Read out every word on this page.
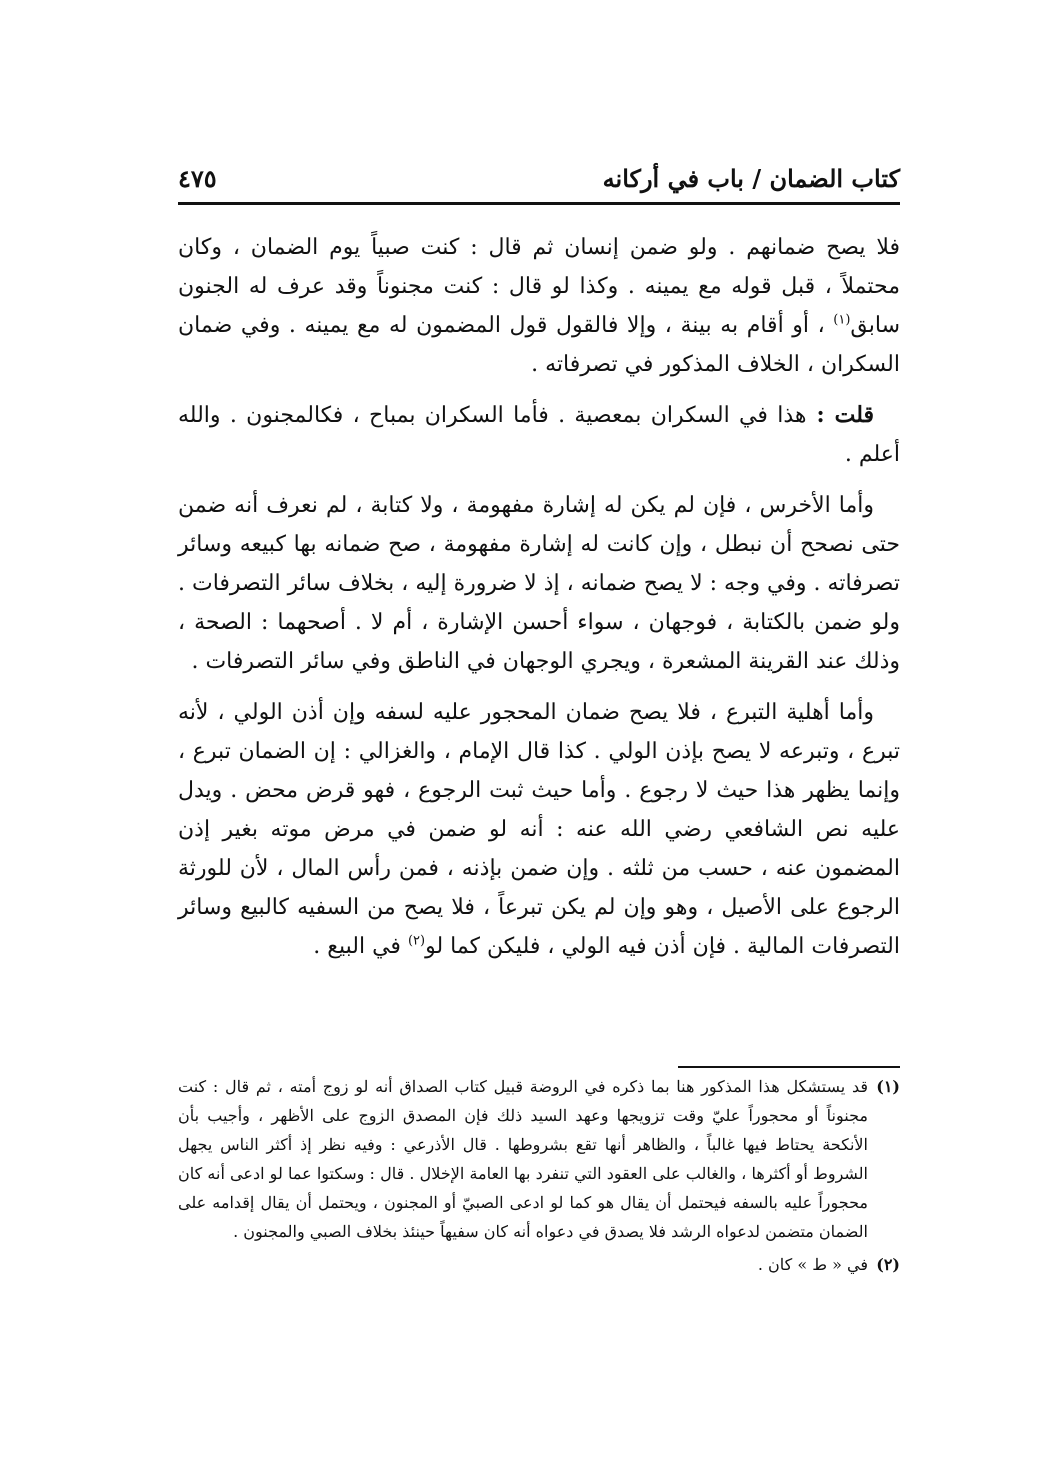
كتاب الضمان / باب في أركانه
٤٧٥

فلا يصح ضمانهم . ولو ضمن إنسان ثم قال : كنت صبياً يوم الضمان ، وكان محتملاً ، قبل قوله مع يمينه . وكذا لو قال : كنت مجنوناً وقد عرف له الجنون سابق$^{(١)}$ ، أو أقام به بينة ، وإلا فالقول قول المضمون له مع يمينه . وفي ضمان السكران ، الخلاف المذكور في تصرفاته .

قلت : هذا في السكران بمعصية . فأما السكران بمباح ، فكالمجنون . والله أعلم .

وأما الأخرس ، فإن لم يكن له إشارة مفهومة ، ولا كتابة ، لم نعرف أنه ضمن حتى نصحح أن نبطل ، وإن كانت له إشارة مفهومة ، صح ضمانه بها كبيعه وسائر تصرفاته . وفي وجه : لا يصح ضمانه ، إذ لا ضرورة إليه ، بخلاف سائر التصرفات . ولو ضمن بالكتابة ، فوجهان ، سواء أحسن الإشارة ، أم لا . أصحهما : الصحة ، وذلك عند القرينة المشعرة ، ويجري الوجهان في الناطق وفي سائر التصرفات .

وأما أهلية التبرع ، فلا يصح ضمان المحجور عليه لسفه وإن أذن الولي ، لأنه تبرع ، وتبرعه لا يصح بإذن الولي . كذا قال الإمام ، والغزالي : إن الضمان تبرع ، وإنما يظهر هذا حيث لا رجوع . وأما حيث ثبت الرجوع ، فهو قرض محض . ويدل عليه نص الشافعي رضي الله عنه : أنه لو ضمن في مرض موته بغير إذن المضمون عنه ، حسب من ثلثه . وإن ضمن بإذنه ، فمن رأس المال ، لأن للورثة الرجوع على الأصيل ، وهو وإن لم يكن تبرعاً ، فلا يصح من السفيه كالبيع وسائر التصرفات المالية . فإن أذن فيه الولي ، فليكن كما لو$^{(٢)}$ في البيع .

(١)
قد يستشكل هذا المذكور هنا بما ذكره في الروضة قبيل كتاب الصداق أنه لو زوج أمته ، ثم قال : كنت مجنوناً أو محجوراً عليّ وقت تزويجها وعهد السيد ذلك فإن المصدق الزوج على الأظهر ، وأجيب بأن الأنكحة يحتاط فيها غالباً ، والظاهر أنها تقع بشروطها . قال الأذرعي : وفيه نظر إذ أكثر الناس يجهل الشروط أو أكثرها ، والغالب على العقود التي تنفرد بها العامة الإخلال . قال : وسكتوا عما لو ادعى أنه كان محجوراً عليه بالسفه فيحتمل أن يقال هو كما لو ادعى الصبيّ أو المجنون ، ويحتمل أن يقال إقدامه على الضمان متضمن لدعواه الرشد فلا يصدق في دعواه أنه كان سفيهاً حينئذ بخلاف الصبي والمجنون .
(٢)
في « ط » كان .
